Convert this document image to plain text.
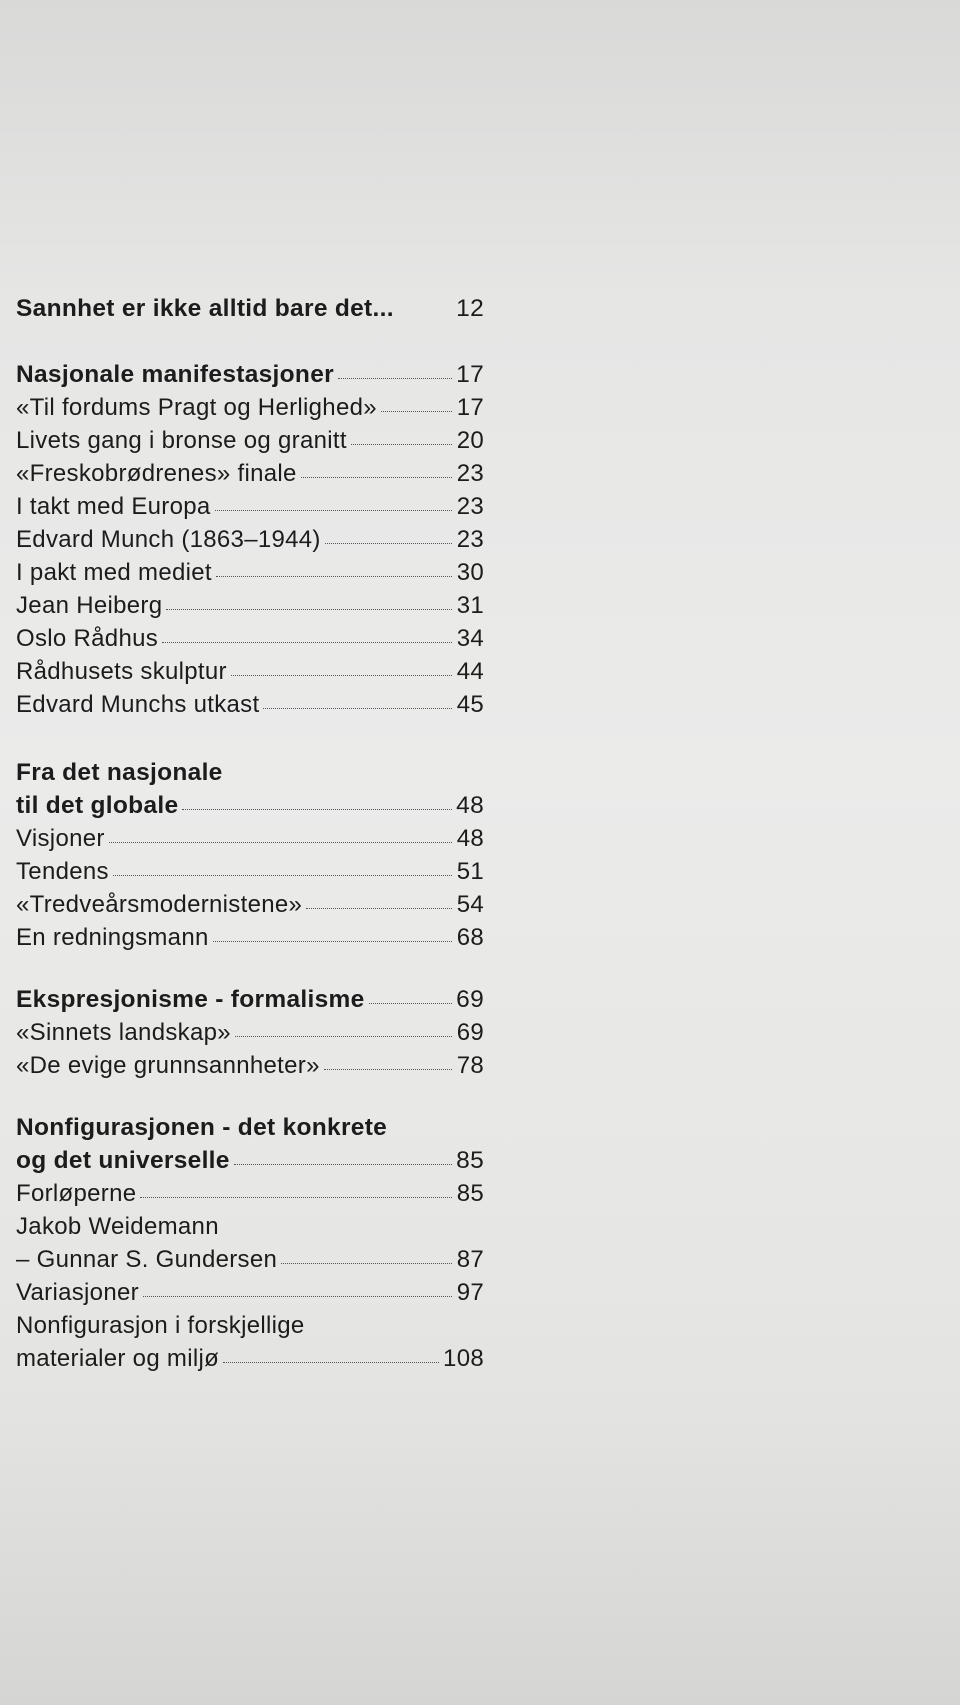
Sannhet er ikke alltid bare det...	12
Nasjonale manifestasjoner	17
«Til fordums Pragt og Herlighed»	17
Livets gang i bronse og granitt	20
«Freskobrødrenes» finale	23
I takt med Europa	23
Edvard Munch (1863–1944)	23
I pakt med mediet	30
Jean Heiberg	31
Oslo Rådhus	34
Rådhusets skulptur	44
Edvard Munchs utkast	45
Fra det nasjonale
til det globale	48
Visjoner	48
Tendens	51
«Tredveårsmodernistene»	54
En redningsmann	68
Ekspresjonisme - formalisme	69
«Sinnets landskap»	69
«De evige grunnsannheter»	78
Nonfigurasjonen - det konkrete
og det universelle	85
Forløperne	85
Jakob Weidemann
– Gunnar S. Gundersen	87
Variasjoner	97
Nonfigurasjon i forskjellige
materialer og miljø	108
